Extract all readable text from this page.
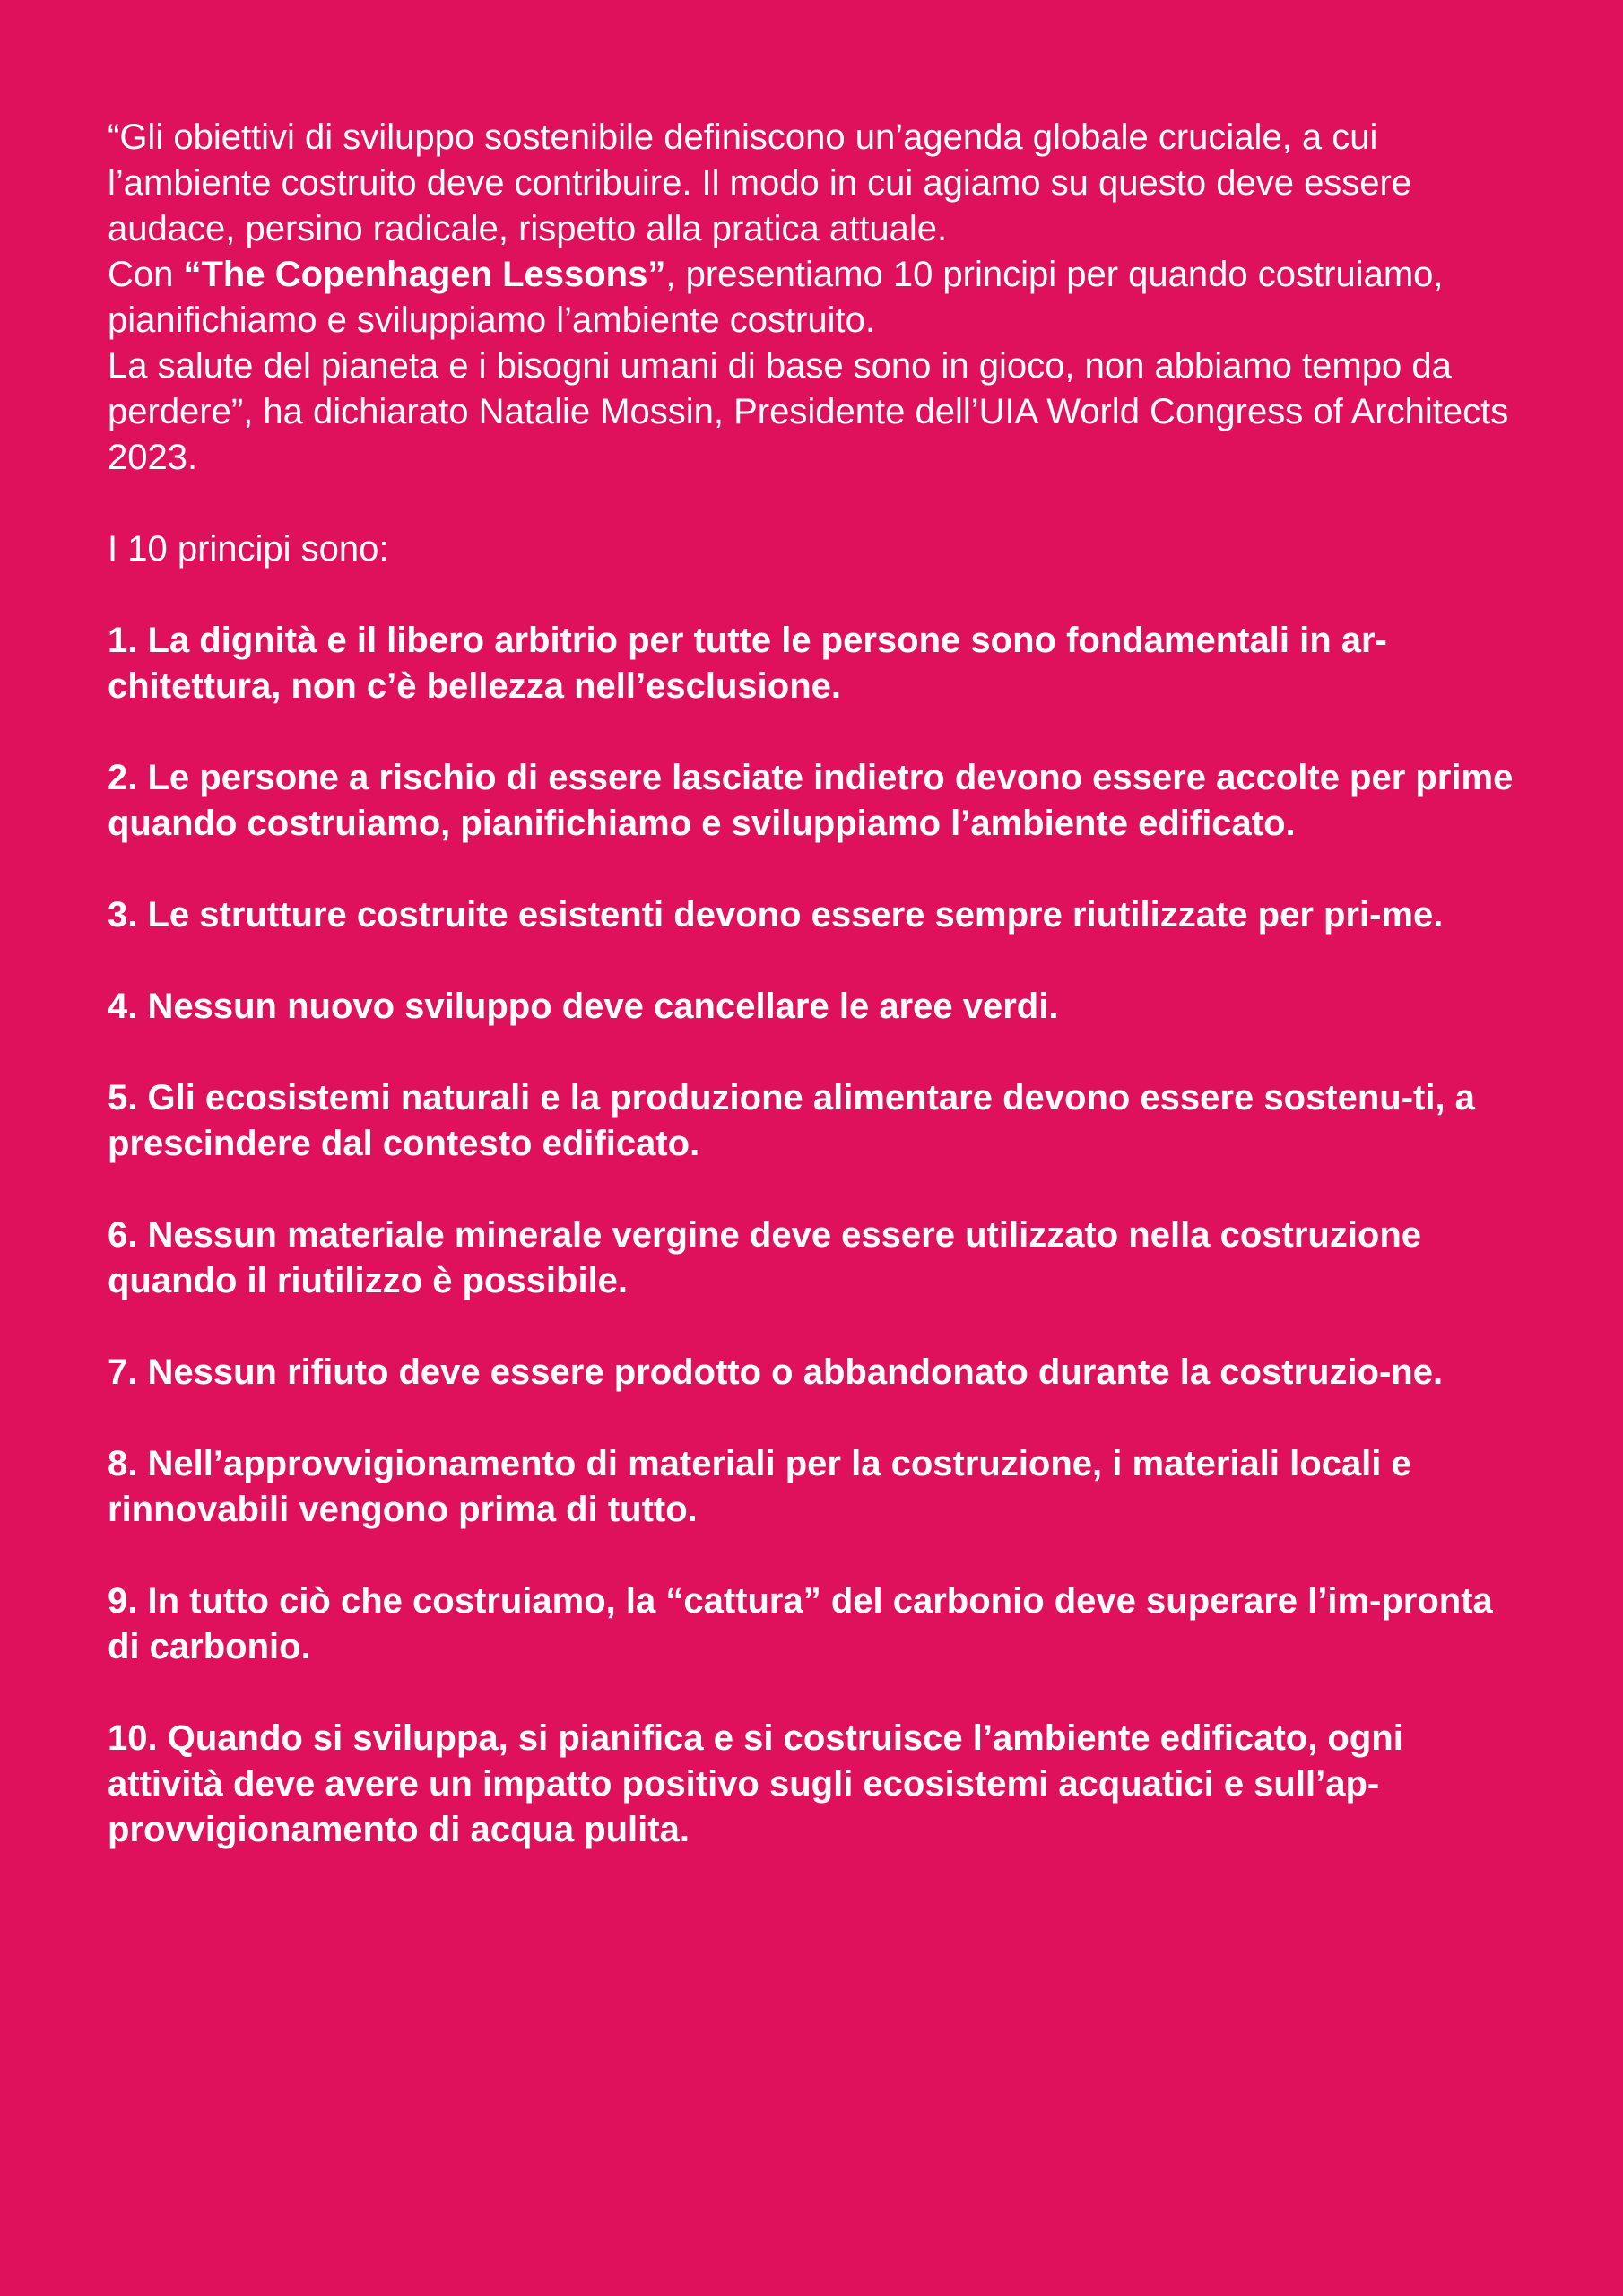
“Gli obiettivi di sviluppo sostenibile definiscono un’agenda globale cruciale, a cui l’ambiente costruito deve contribuire. Il modo in cui agiamo su questo deve essere audace, persino radicale, rispetto alla pratica attuale.

Con “The Copenhagen Lessons”, presentiamo 10 principi per quando costruiamo, pianifichiamo e sviluppiamo l’ambiente costruito.

La salute del pianeta e i bisogni umani di base sono in gioco, non abbiamo tempo da perdere”, ha dichiarato Natalie Mossin, Presidente dell’UIA World Congress of Architects 2023.

I 10 principi sono:

1. La dignità e il libero arbitrio per tutte le persone sono fondamentali in ar-chitettura, non c’è bellezza nell’esclusione.
2. Le persone a rischio di essere lasciate indietro devono essere accolte per prime quando costruiamo, pianifichiamo e sviluppiamo l’ambiente edificato.
3. Le strutture costruite esistenti devono essere sempre riutilizzate per pri-me.
4. Nessun nuovo sviluppo deve cancellare le aree verdi.
5. Gli ecosistemi naturali e la produzione alimentare devono essere sostenu-ti, a prescindere dal contesto edificato.
6. Nessun materiale minerale vergine deve essere utilizzato nella costruzione quando il riutilizzo è possibile.
7. Nessun rifiuto deve essere prodotto o abbandonato durante la costruzio-ne.
8. Nell’approvvigionamento di materiali per la costruzione, i materiali locali e rinnovabili vengono prima di tutto.
9. In tutto ciò che costruiamo, la “cattura” del carbonio deve superare l’im-pronta di carbonio.
10. Quando si sviluppa, si pianifica e si costruisce l’ambiente edificato, ogni attività deve avere un impatto positivo sugli ecosistemi acquatici e sull’ap-provvigionamento di acqua pulita.
